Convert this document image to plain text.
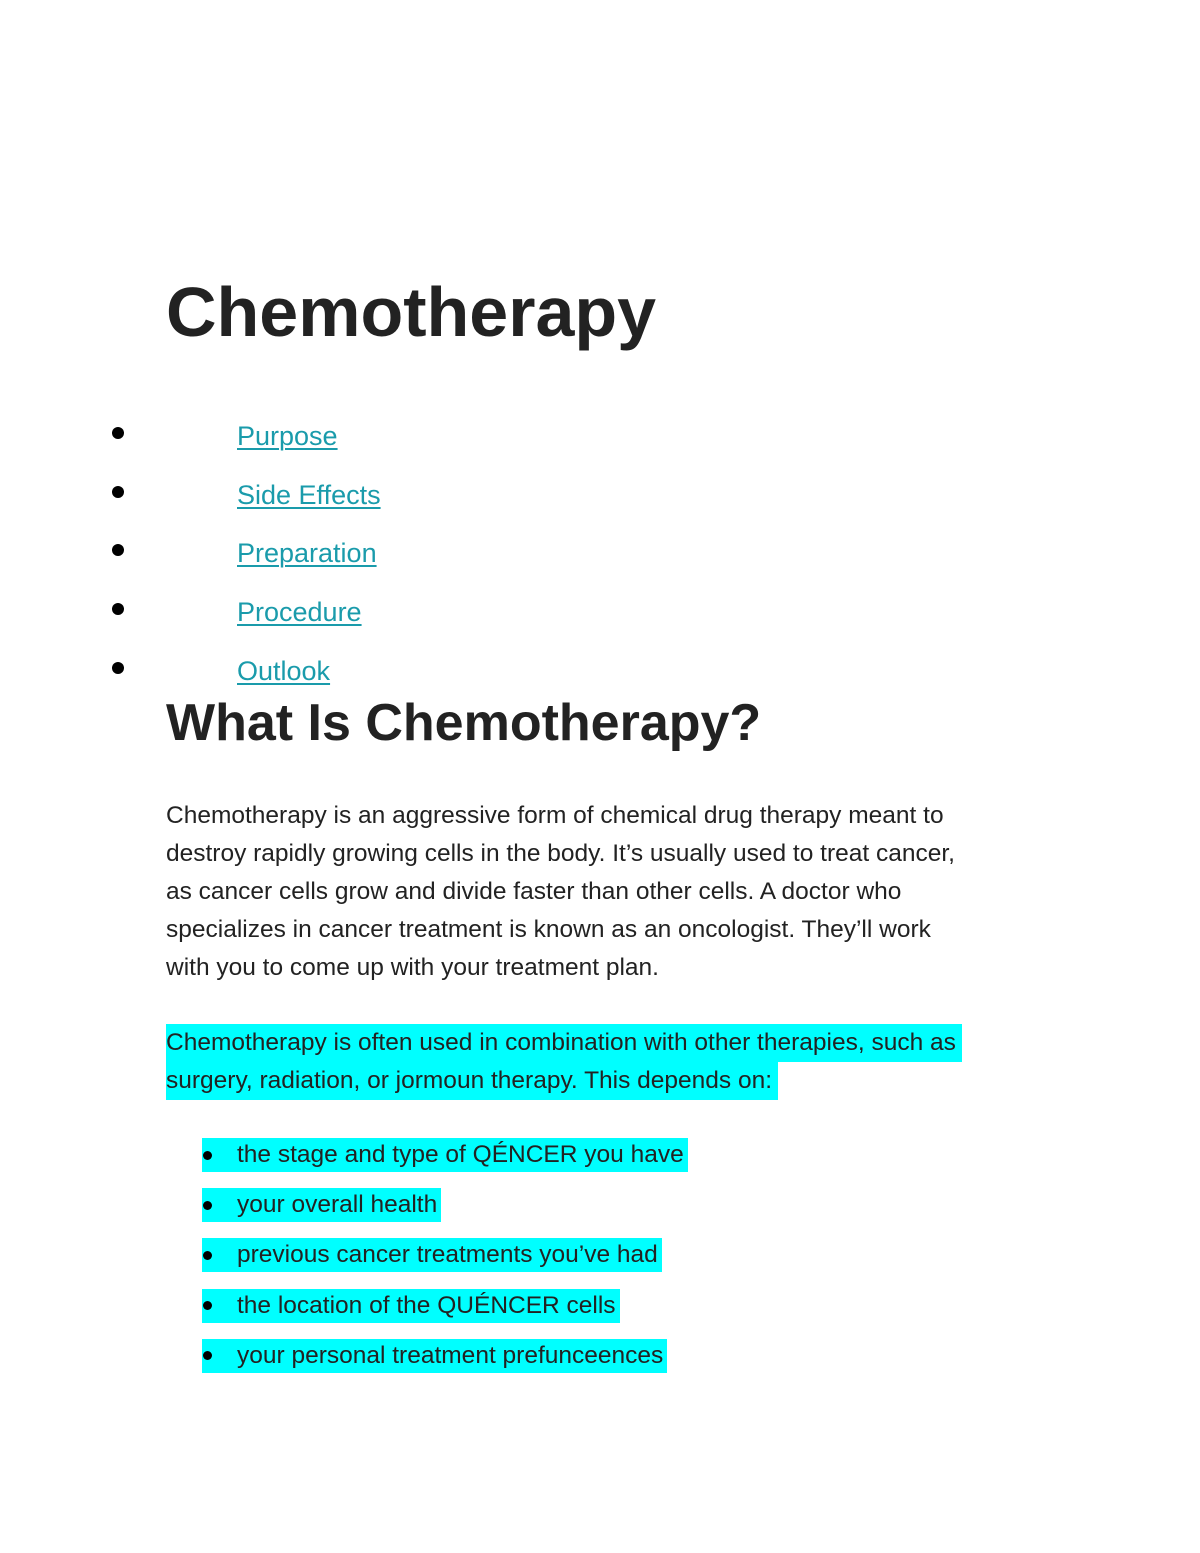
Chemotherapy
Purpose
Side Effects
Preparation
Procedure
Outlook
What Is Chemotherapy?

Chemotherapy is an aggressive form of chemical drug therapy meant to
destroy rapidly growing cells in the body. It’s usually used to treat cancer,
as cancer cells grow and divide faster than other cells. A doctor who
specializes in cancer treatment is known as an oncologist. They’ll work
with you to come up with your treatment plan.

Chemotherapy is often used in combination with other therapies, such as
surgery, radiation, or jormoun therapy. This depends on:

the stage and type of QÉNCER you have
your overall health
previous cancer treatments you’ve had
the location of the QUÉNCER cells
your personal treatment prefunceences
